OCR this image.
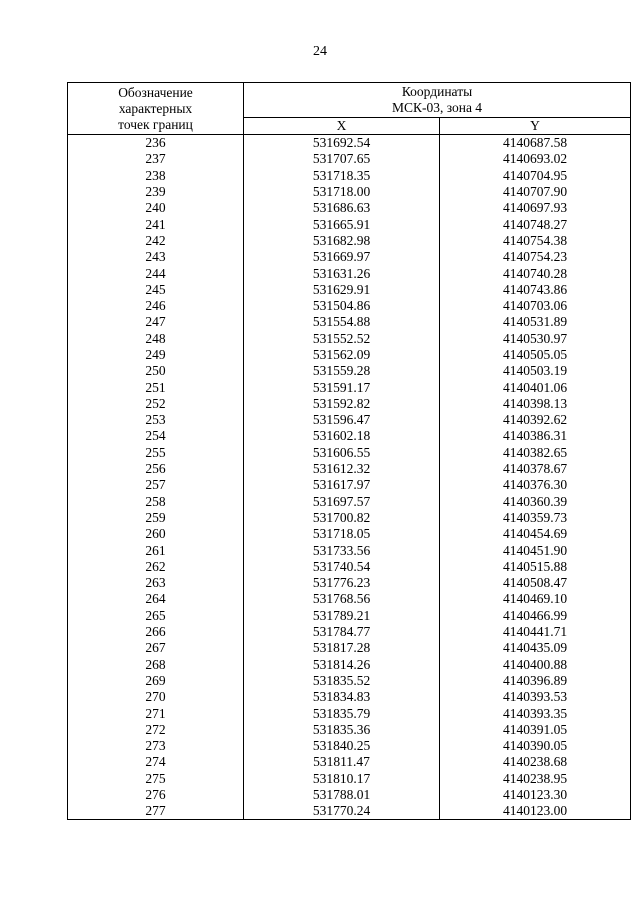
24
Обозначение
характерных
точек границ	Координаты
МСК-03, зона 4	

	X	Y
236	531692.54	4140687.58
237	531707.65	4140693.02
238	531718.35	4140704.95
239	531718.00	4140707.90
240	531686.63	4140697.93
241	531665.91	4140748.27
242	531682.98	4140754.38
243	531669.97	4140754.23
244	531631.26	4140740.28
245	531629.91	4140743.86
246	531504.86	4140703.06
247	531554.88	4140531.89
248	531552.52	4140530.97
249	531562.09	4140505.05
250	531559.28	4140503.19
251	531591.17	4140401.06
252	531592.82	4140398.13
253	531596.47	4140392.62
254	531602.18	4140386.31
255	531606.55	4140382.65
256	531612.32	4140378.67
257	531617.97	4140376.30
258	531697.57	4140360.39
259	531700.82	4140359.73
260	531718.05	4140454.69
261	531733.56	4140451.90
262	531740.54	4140515.88
263	531776.23	4140508.47
264	531768.56	4140469.10
265	531789.21	4140466.99
266	531784.77	4140441.71
267	531817.28	4140435.09
268	531814.26	4140400.88
269	531835.52	4140396.89
270	531834.83	4140393.53
271	531835.79	4140393.35
272	531835.36	4140391.05
273	531840.25	4140390.05
274	531811.47	4140238.68
275	531810.17	4140238.95
276	531788.01	4140123.30
277	531770.24	4140123.00
